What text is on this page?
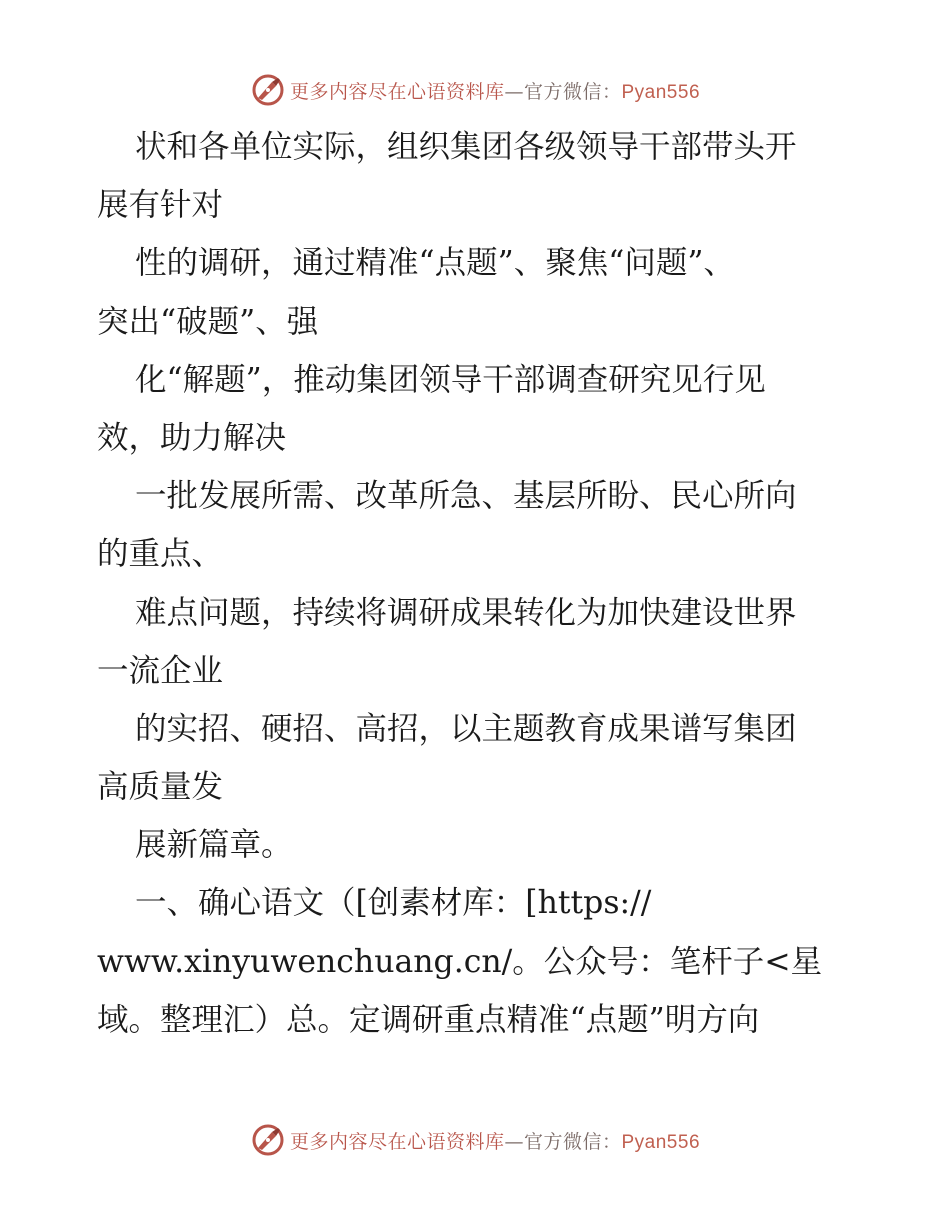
更多内容尽在心语资料库—官方微信：Pyan556
状和各单位实际，组织集团各级领导干部带头开
展有针对
性的调研，通过精准“点题”、聚焦“问题”、
突出“破题”、强
化“解题”，推动集团领导干部调查研究见行见
效，助力解决
一批发展所需、改革所急、基层所盼、民心所向
的重点、
难点问题，持续将调研成果转化为加快建设世界
一流企业
的实招、硬招、高招，以主题教育成果谱写集团
高质量发
展新篇章。
一、确心语文（[创素材库：[https://
www.xinyuwenchuang.cn/。公众号：笔杆子<星
域。整理汇）总。定调研重点精准“点题”明方向
更多内容尽在心语资料库—官方微信：Pyan556
